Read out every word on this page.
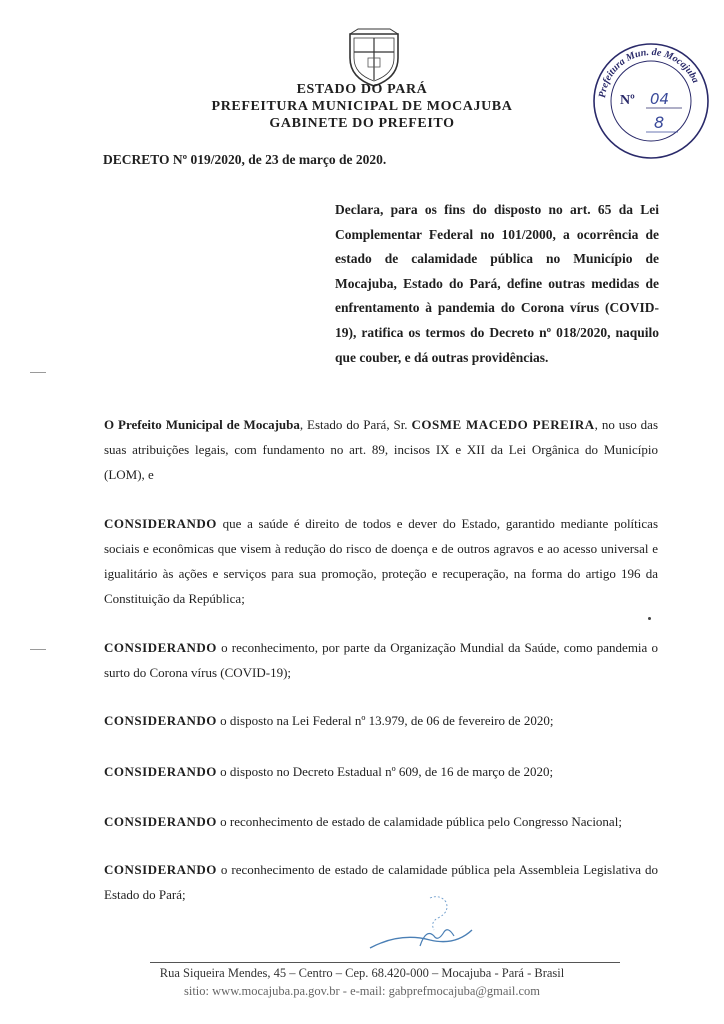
ESTADO DO PARÁ
PREFEITURA MUNICIPAL DE MOCAJUBA
GABINETE DO PREFEITO
Prefeitura Mun. de Mocajuba
Nº 04
8
DECRETO Nº 019/2020, de 23 de março de 2020.
Declara, para os fins do disposto no art. 65 da Lei Complementar Federal no 101/2000, a ocorrência de estado de calamidade pública no Município de Mocajuba, Estado do Pará, define outras medidas de enfrentamento à pandemia do Corona vírus (COVID-19), ratifica os termos do Decreto nº 018/2020, naquilo que couber, e dá outras providências.
O Prefeito Municipal de Mocajuba, Estado do Pará, Sr. COSME MACEDO PEREIRA, no uso das suas atribuições legais, com fundamento no art. 89, incisos IX e XII da Lei Orgânica do Município (LOM), e
CONSIDERANDO que a saúde é direito de todos e dever do Estado, garantido mediante políticas sociais e econômicas que visem à redução do risco de doença e de outros agravos e ao acesso universal e igualitário às ações e serviços para sua promoção, proteção e recuperação, na forma do artigo 196 da Constituição da República;
CONSIDERANDO o reconhecimento, por parte da Organização Mundial da Saúde, como pandemia o surto do Corona vírus (COVID-19);
CONSIDERANDO o disposto na Lei Federal nº 13.979, de 06 de fevereiro de 2020;
CONSIDERANDO o disposto no Decreto Estadual nº 609, de 16 de março de 2020;
CONSIDERANDO o reconhecimento de estado de calamidade pública pelo Congresso Nacional;
CONSIDERANDO o reconhecimento de estado de calamidade pública pela Assembleia Legislativa do Estado do Pará;
Rua Siqueira Mendes, 45 – Centro – Cep. 68.420-000 – Mocajuba - Pará - Brasil
sitio: www.mocajuba.pa.gov.br - e-mail: gabprefmocajuba@gmail.com
